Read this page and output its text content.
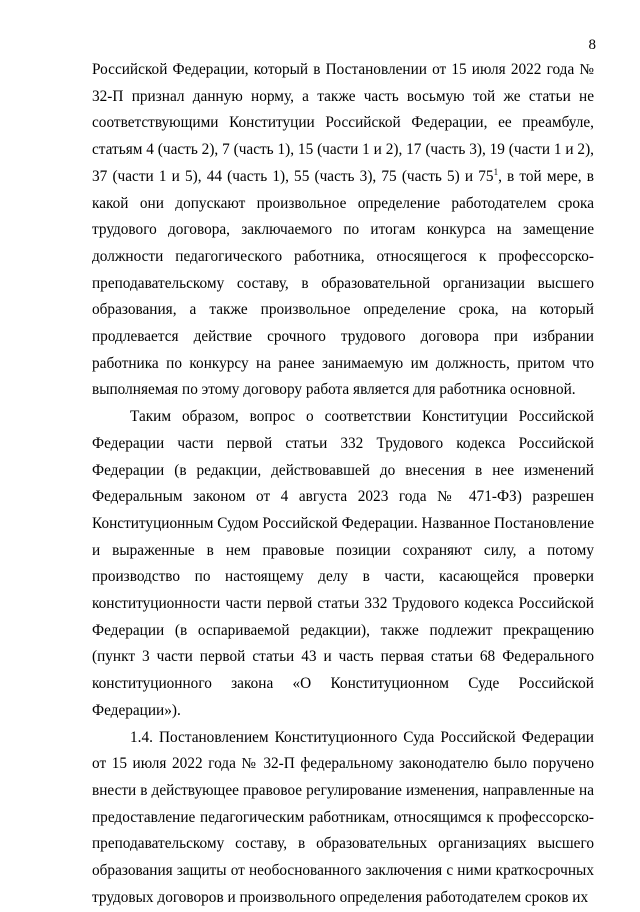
8

Российской Федерации, который в Постановлении от 15 июля 2022 года № 32-П признал данную норму, а также часть восьмую той же статьи не соответствующими Конституции Российской Федерации, ее преамбуле, статьям 4 (часть 2), 7 (часть 1), 15 (части 1 и 2), 17 (часть 3), 19 (части 1 и 2), 37 (части 1 и 5), 44 (часть 1), 55 (часть 3), 75 (часть 5) и $75^1$, в той мере, в какой они допускают произвольное определение работодателем срока трудового договора, заключаемого по итогам конкурса на замещение должности педагогического работника, относящегося к профессорско-преподавательскому составу, в образовательной организации высшего образования, а также произвольное определение срока, на который продлевается действие срочного трудового договора при избрании работника по конкурсу на ранее занимаемую им должность, притом что выполняемая по этому договору работа является для работника основной.

Таким образом, вопрос о соответствии Конституции Российской Федерации части первой статьи 332 Трудового кодекса Российской Федерации (в редакции, действовавшей до внесения в нее изменений Федеральным законом от 4 августа 2023 года № 471-ФЗ) разрешен Конституционным Судом Российской Федерации. Названное Постановление и выраженные в нем правовые позиции сохраняют силу, а потому производство по настоящему делу в части, касающейся проверки конституционности части первой статьи 332 Трудового кодекса Российской Федерации (в оспариваемой редакции), также подлежит прекращению (пункт 3 части первой статьи 43 и часть первая статьи 68 Федерального конституционного закона «О Конституционном Суде Российской Федерации»).

1.4. Постановлением Конституционного Суда Российской Федерации от 15 июля 2022 года № 32-П федеральному законодателю было поручено внести в действующее правовое регулирование изменения, направленные на предоставление педагогическим работникам, относящимся к профессорско-преподавательскому составу, в образовательных организациях высшего образования защиты от необоснованного заключения с ними краткосрочных трудовых договоров и произвольного определения работодателем сроков их
